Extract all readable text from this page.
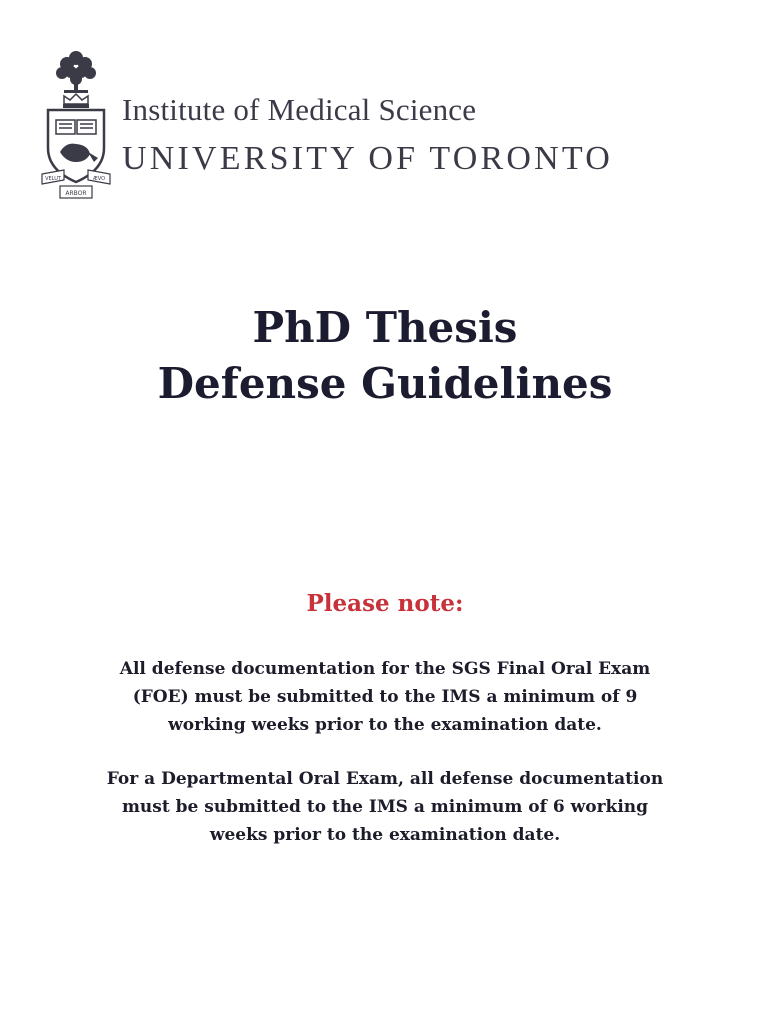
VELUT	ÆVO
ARBOR
Institute of Medical Science
UNIVERSITY OF TORONTO
PhD Thesis
Defense Guidelines
Please note:
All defense documentation for the SGS Final Oral Exam
(FOE) must be submitted to the IMS a minimum of 9
working weeks prior to the examination date.
For a Departmental Oral Exam, all defense documentation
must be submitted to the IMS a minimum of 6 working
weeks prior to the examination date.
